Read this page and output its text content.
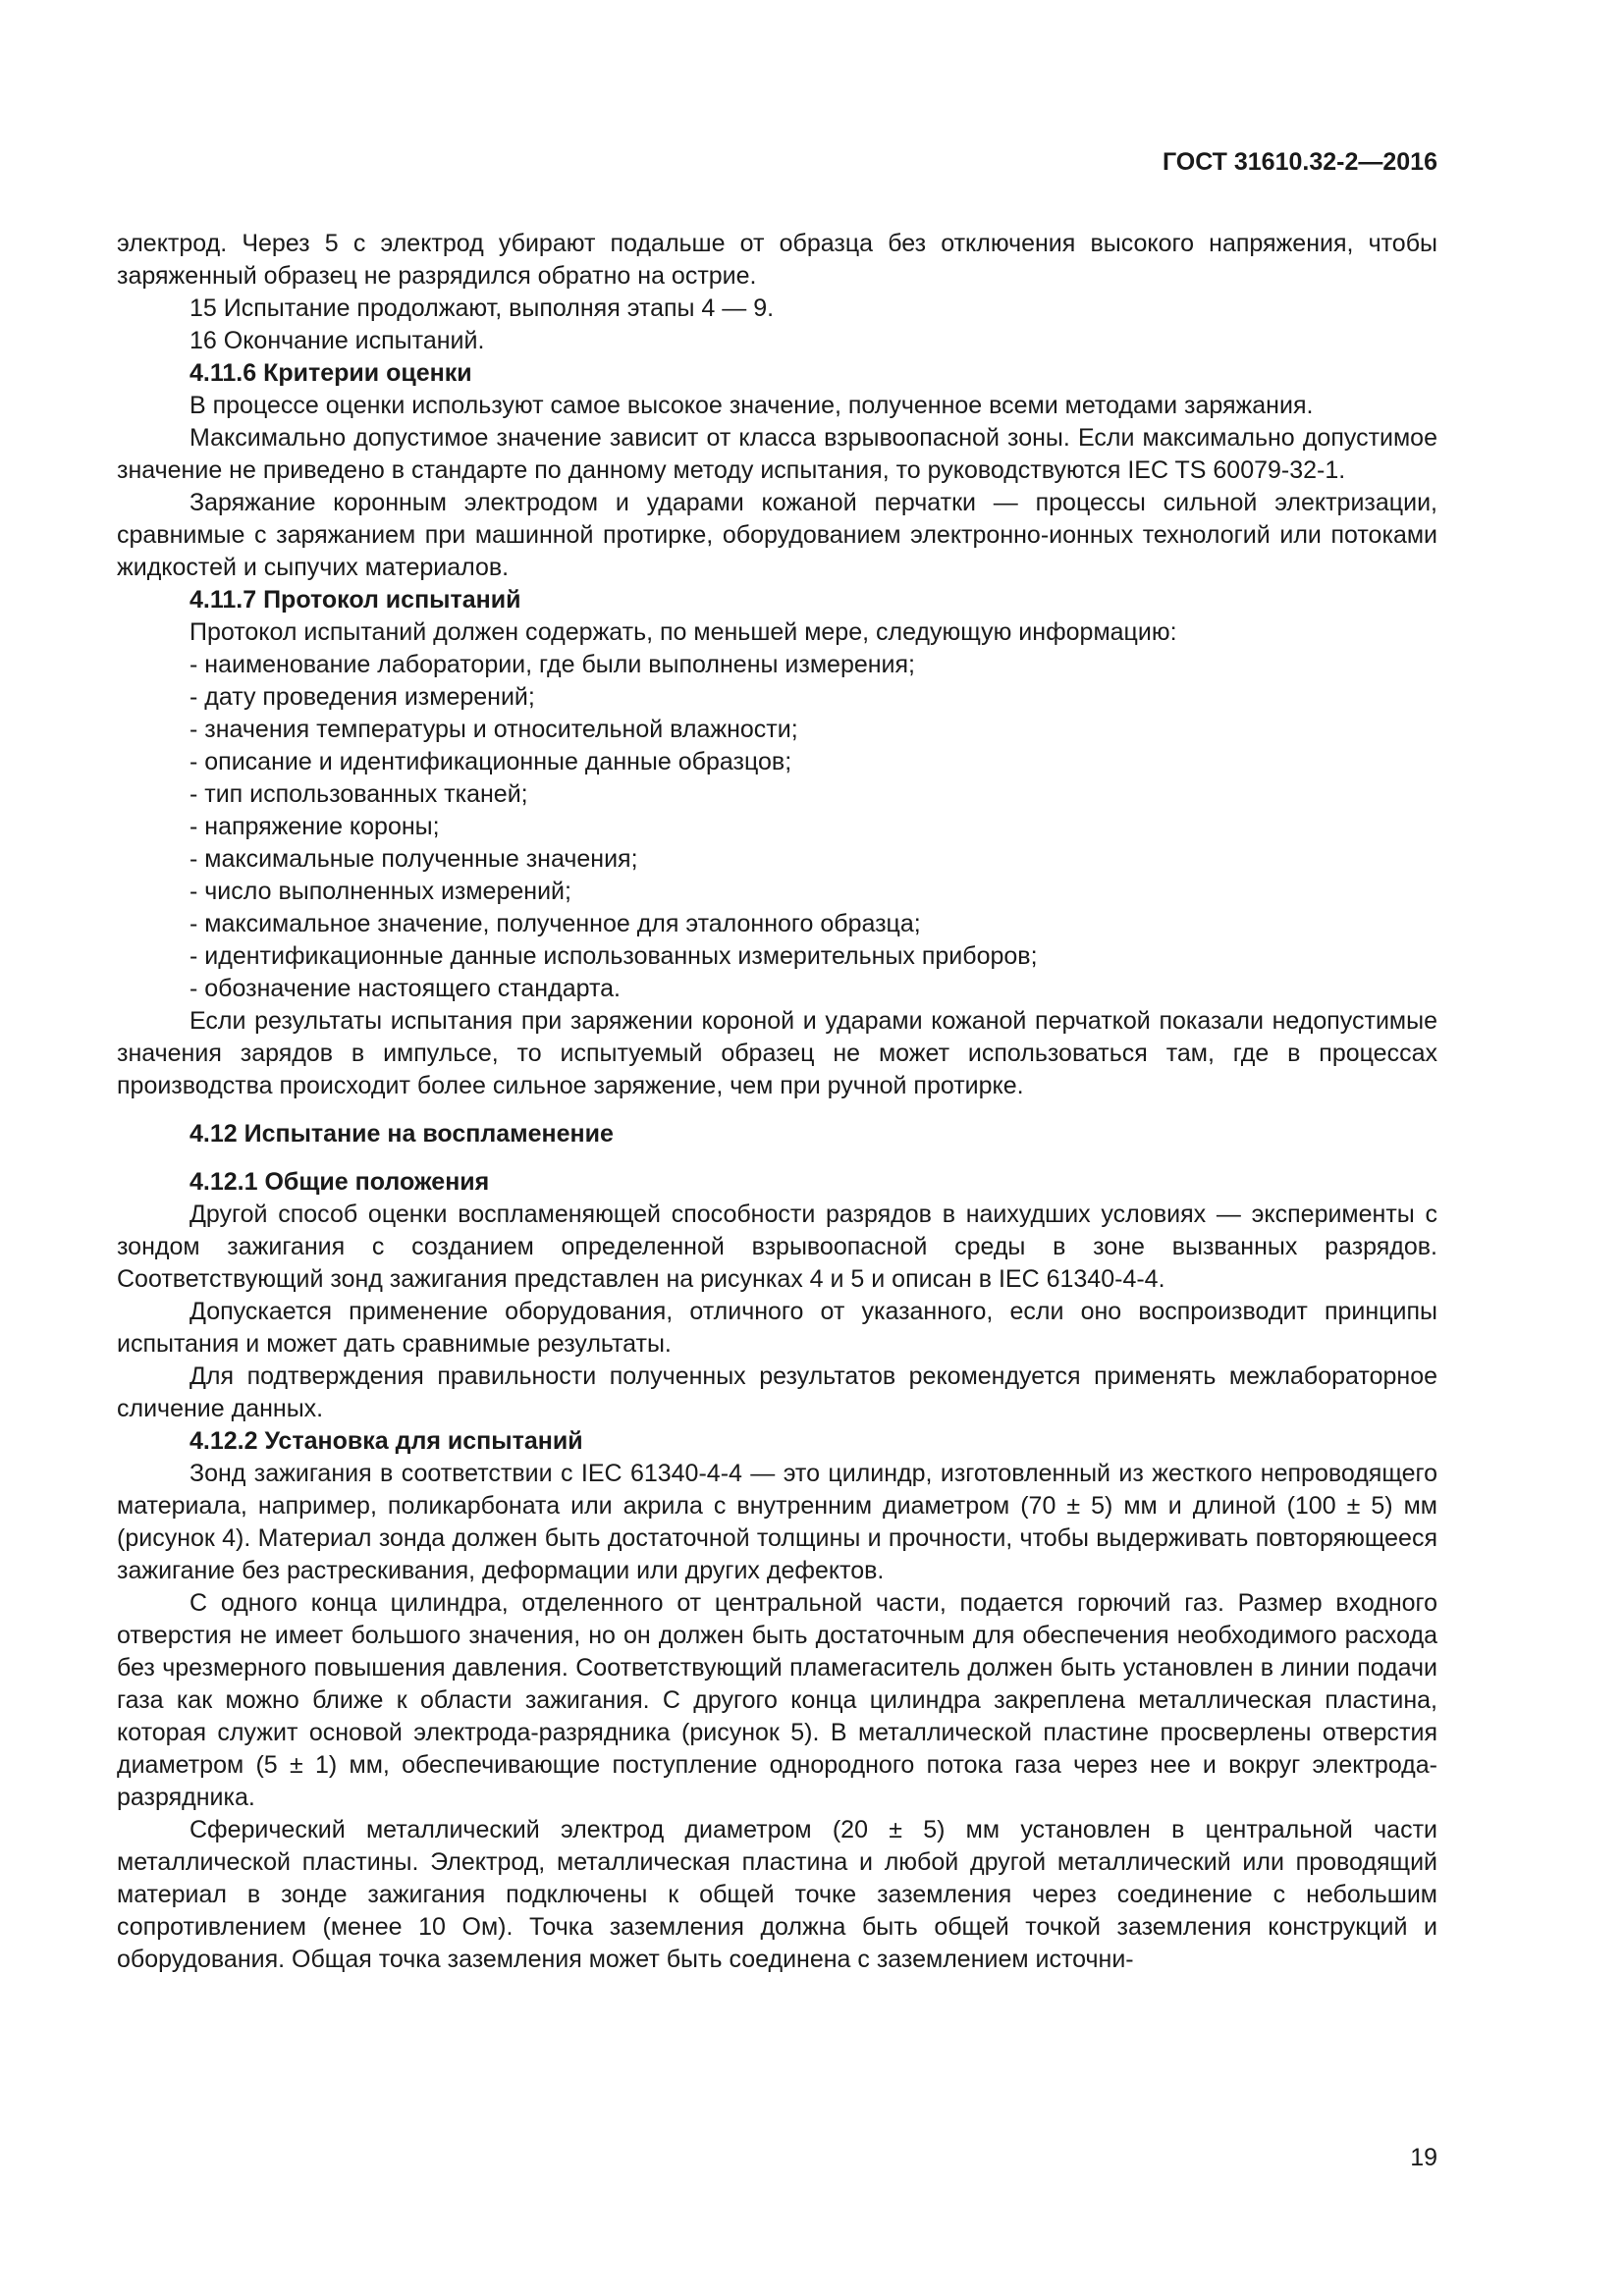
ГОСТ 31610.32-2—2016

электрод. Через 5 с электрод убирают подальше от образца без отключения высокого напряжения, чтобы заряженный образец не разрядился обратно на острие.

15 Испытание продолжают, выполняя этапы 4 — 9.

16 Окончание испытаний.

4.11.6 Критерии оценки

В процессе оценки используют самое высокое значение, полученное всеми методами заряжания.

Максимально допустимое значение зависит от класса взрывоопасной зоны. Если максимально допустимое значение не приведено в стандарте по данному методу испытания, то руководствуются IEC TS 60079-32-1.

Заряжание коронным электродом и ударами кожаной перчатки — процессы сильной электризации, сравнимые с заряжанием при машинной протирке, оборудованием электронно-ионных технологий или потоками жидкостей и сыпучих материалов.

4.11.7 Протокол испытаний

Протокол испытаний должен содержать, по меньшей мере, следующую информацию:

- наименование лаборатории, где были выполнены измерения;

- дату проведения измерений;

- значения температуры и относительной влажности;

- описание и идентификационные данные образцов;

- тип использованных тканей;

- напряжение короны;

- максимальные полученные значения;

- число выполненных измерений;

- максимальное значение, полученное для эталонного образца;

- идентификационные данные использованных измерительных приборов;

- обозначение настоящего стандарта.

Если результаты испытания при заряжении короной и ударами кожаной перчаткой показали недопустимые значения зарядов в импульсе, то испытуемый образец не может использоваться там, где в процессах производства происходит более сильное заряжение, чем при ручной протирке.

4.12 Испытание на воспламенение

4.12.1 Общие положения

Другой способ оценки воспламеняющей способности разрядов в наихудших условиях — эксперименты с зондом зажигания с созданием определенной взрывоопасной среды в зоне вызванных разрядов. Соответствующий зонд зажигания представлен на рисунках 4 и 5 и описан в IEC 61340-4-4.

Допускается применение оборудования, отличного от указанного, если оно воспроизводит принципы испытания и может дать сравнимые результаты.

Для подтверждения правильности полученных результатов рекомендуется применять межлабораторное сличение данных.

4.12.2 Установка для испытаний

Зонд зажигания в соответствии с IEC 61340-4-4 — это цилиндр, изготовленный из жесткого непроводящего материала, например, поликарбоната или акрила с внутренним диаметром (70 ± 5) мм и длиной (100 ± 5) мм (рисунок 4). Материал зонда должен быть достаточной толщины и прочности, чтобы выдерживать повторяющееся зажигание без растрескивания, деформации или других дефектов.

С одного конца цилиндра, отделенного от центральной части, подается горючий газ. Размер входного отверстия не имеет большого значения, но он должен быть достаточным для обеспечения необходимого расхода без чрезмерного повышения давления. Соответствующий пламегаситель должен быть установлен в линии подачи газа как можно ближе к области зажигания. С другого конца цилиндра закреплена металлическая пластина, которая служит основой электрода-разрядника (рисунок 5). В металлической пластине просверлены отверстия диаметром (5 ± 1) мм, обеспечивающие поступление однородного потока газа через нее и вокруг электрода-разрядника.

Сферический металлический электрод диаметром (20 ± 5) мм установлен в центральной части металлической пластины. Электрод, металлическая пластина и любой другой металлический или проводящий материал в зонде зажигания подключены к общей точке заземления через соединение с небольшим сопротивлением (менее 10 Ом). Точка заземления должна быть общей точкой заземления конструкций и оборудования. Общая точка заземления может быть соединена с заземлением источни-

19
